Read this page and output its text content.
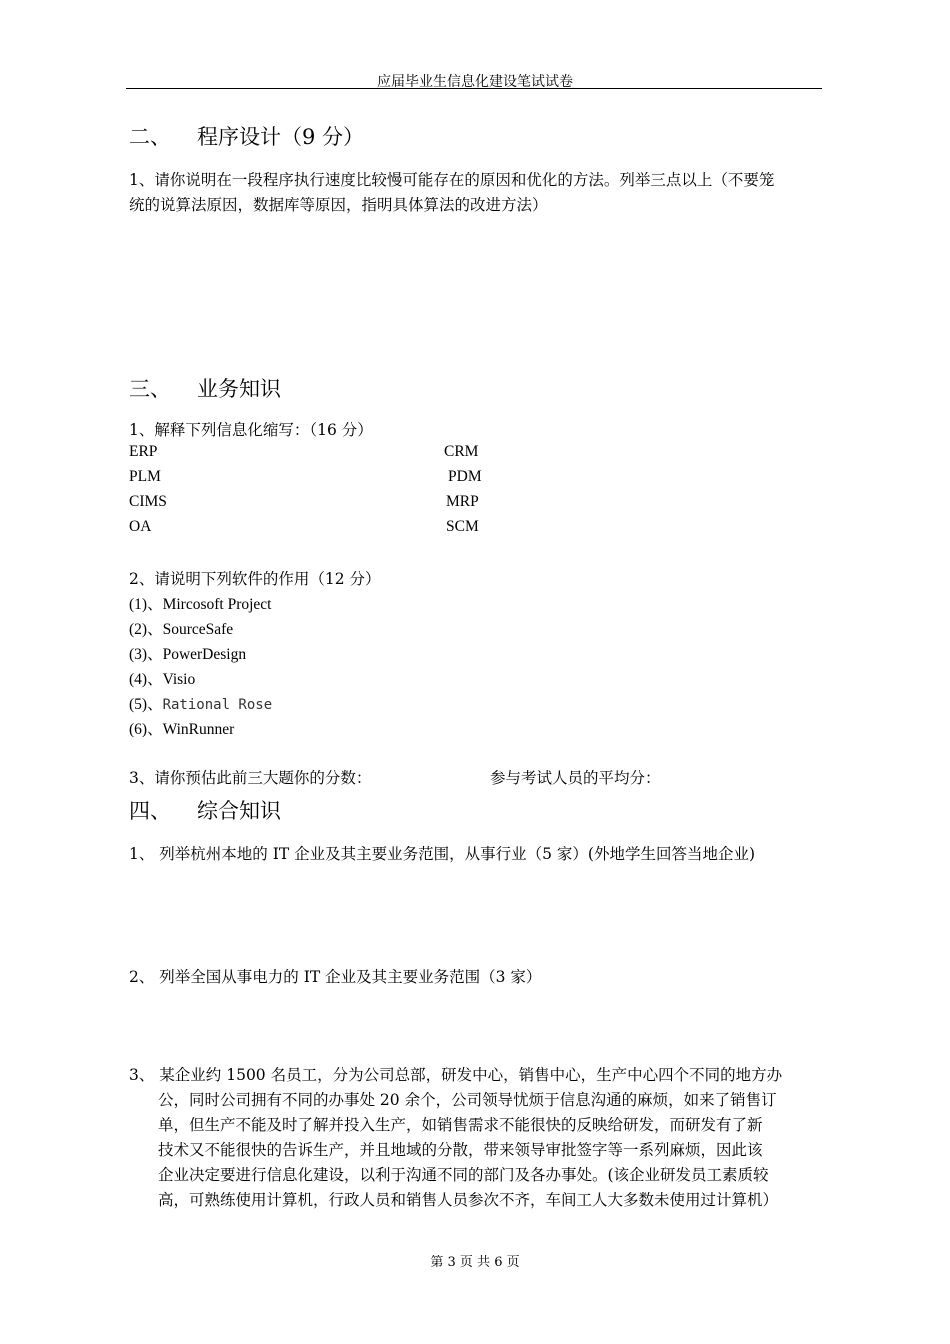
应届毕业生信息化建设笔试试卷
二、 程序设计（9 分）
1、请你说明在一段程序执行速度比较慢可能存在的原因和优化的方法。列举三点以上（不要笼
统的说算法原因，数据库等原因，指明具体算法的改进方法）
三、 业务知识
1、解释下列信息化缩写：（16 分）
ERP
PLM
CIMS
OA
CRM
PDM
MRP
SCM
2、请说明下列软件的作用（12 分）
(1)、Mircosoft Project
(2)、SourceSafe
(3)、PowerDesign
(4)、Visio
(5)、Rational Rose
(6)、WinRunner
3、请你预估此前三大题你的分数：	参与考试人员的平均分：
四、 综合知识
1、 列举杭州本地的 IT 企业及其主要业务范围，从事行业（5 家）(外地学生回答当地企业)
2、 列举全国从事电力的 IT 企业及其主要业务范围（3 家）
3、 某企业约 1500 名员工，分为公司总部，研发中心，销售中心，生产中心四个不同的地方办
公，同时公司拥有不同的办事处 20 余个，公司领导忧烦于信息沟通的麻烦，如来了销售订
单，但生产不能及时了解并投入生产，如销售需求不能很快的反映给研发，而研发有了新
技术又不能很快的告诉生产，并且地域的分散，带来领导审批签字等一系列麻烦，因此该
企业决定要进行信息化建设，以利于沟通不同的部门及各办事处。(该企业研发员工素质较
高，可熟练使用计算机，行政人员和销售人员参次不齐，车间工人大多数未使用过计算机）
第 3 页 共 6 页
